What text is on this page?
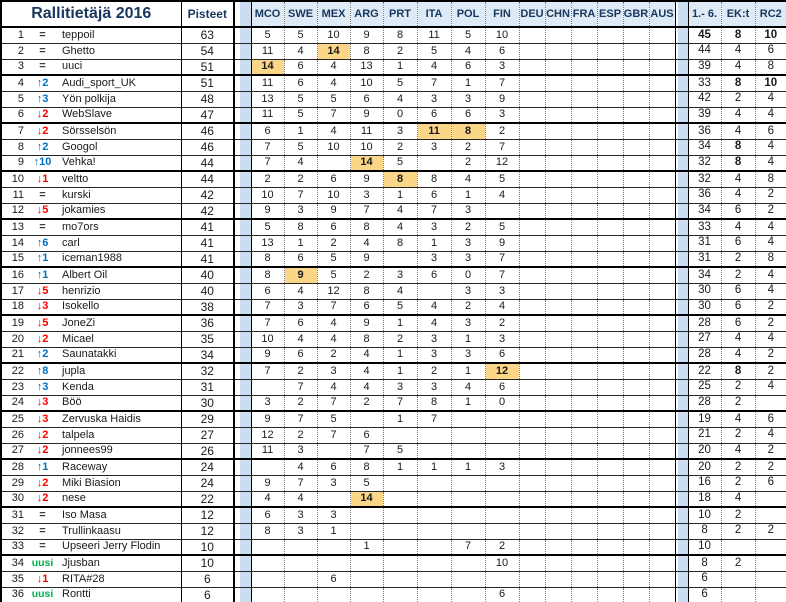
Rallitietäjä 2016			Pisteet			MCO	SWE	MEX	ARG	PRT	ITA	POL	FIN	DEU	CHN	FRA	ESP	GBR	AUS			1.- 6.	EK:t	RC2
1	=	teppoil	63			5	5	10	9	8	11	5	10									45	8	10
2	=	Ghetto	54			11	4	14	8	2	5	4	6									44	4	6
3	=	uuci	51			14	6	4	13	1	4	6	3									39	4	8
4	↑2	Audi_sport_UK	51			11	6	4	10	5	7	1	7									33	8	10
5	↑3	Yön polkija	48			13	5	5	6	4	3	3	9									42	2	4
6	↓2	WebSlave	47			11	5	7	9	0	6	6	3									39	4	4
7	↓2	Sörsselsön	46			6	1	4	11	3	11	8	2									36	4	6
8	↑2	Googol	46			7	5	10	10	2	3	2	7									34	8	4
9	↑10	Vehka!	44			7	4		14	5		2	12									32	8	4
10	↓1	veltto	44			2	2	6	9	8	8	4	5									32	4	8
11	=	kurski	42			10	7	10	3	1	6	1	4									36	4	2
12	↓5	jokamies	42			9	3	9	7	4	7	3										34	6	2
13	=	mo7ors	41			5	8	6	8	4	3	2	5									33	4	4
14	↑6	carl	41			13	1	2	4	8	1	3	9									31	6	4
15	↑1	iceman1988	41			8	6	5	9		3	3	7									31	2	8
16	↑1	Albert Oil	40			8	9	5	2	3	6	0	7									34	2	4
17	↓5	henrizio	40			6	4	12	8	4		3	3									30	6	4
18	↓3	Isokello	38			7	3	7	6	5	4	2	4									30	6	2
19	↓5	JoneZi	36			7	6	4	9	1	4	3	2									28	6	2
20	↓2	Micael	35			10	4	4	8	2	3	1	3									27	4	4
21	↑2	Saunatakki	34			9	6	2	4	1	3	3	6									28	4	2
22	↑8	jupla	32			7	2	3	4	1	2	1	12									22	8	2
23	↑3	Kenda	31				7	4	4	3	3	4	6									25	2	4
24	↓3	Böö	30			3	2	7	2	7	8	1	0									28	2	
25	↓3	Zervuska Haidis	29			9	7	5		1	7											19	4	6
26	↓2	talpela	27			12	2	7	6													21	2	4
27	↓2	jonnees99	26			11	3		7	5												20	4	2
28	↑1	Raceway	24				4	6	8	1	1	1	3									20	2	2
29	↓2	Miki Biasion	24			9	7	3	5													16	2	6
30	↓2	nese	22			4	4		14													18	4	
31	=	Iso Masa	12			6	3	3														10	2	
32	=	Trullinkaasu	12			8	3	1														8	2	2
33	=	Upseeri Jerry Flodin	10						1			7	2									10		
34	uusi	Jjusban	10										10									8	2	
35	↓1	RITA#28	6					6														6		
36	uusi	Rontti	6										6									6		
